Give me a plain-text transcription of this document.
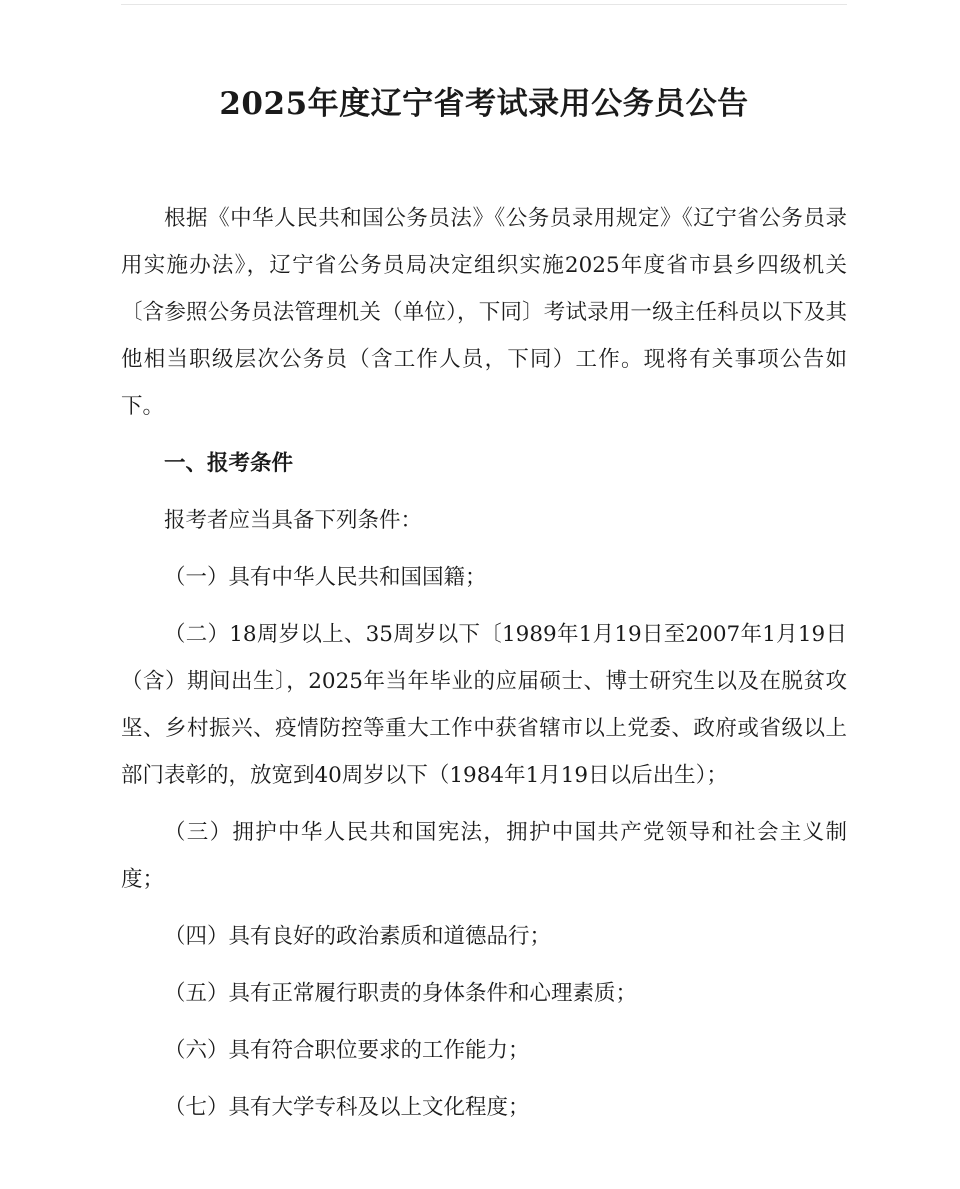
2025年度辽宁省考试录用公务员公告

根据《中华人民共和国公务员法》《公务员录用规定》《辽宁省公务员录用实施办法》，辽宁省公务员局决定组织实施2025年度省市县乡四级机关〔含参照公务员法管理机关（单位），下同〕考试录用一级主任科员以下及其他相当职级层次公务员（含工作人员，下同）工作。现将有关事项公告如下。

一、报考条件

报考者应当具备下列条件：

（一）具有中华人民共和国国籍；

（二）18周岁以上、35周岁以下〔1989年1月19日至2007年1月19日（含）期间出生〕，2025年当年毕业的应届硕士、博士研究生以及在脱贫攻坚、乡村振兴、疫情防控等重大工作中获省辖市以上党委、政府或省级以上部门表彰的，放宽到40周岁以下（1984年1月19日以后出生）；

（三）拥护中华人民共和国宪法，拥护中国共产党领导和社会主义制度；

（四）具有良好的政治素质和道德品行；

（五）具有正常履行职责的身体条件和心理素质；

（六）具有符合职位要求的工作能力；

（七）具有大学专科及以上文化程度；
